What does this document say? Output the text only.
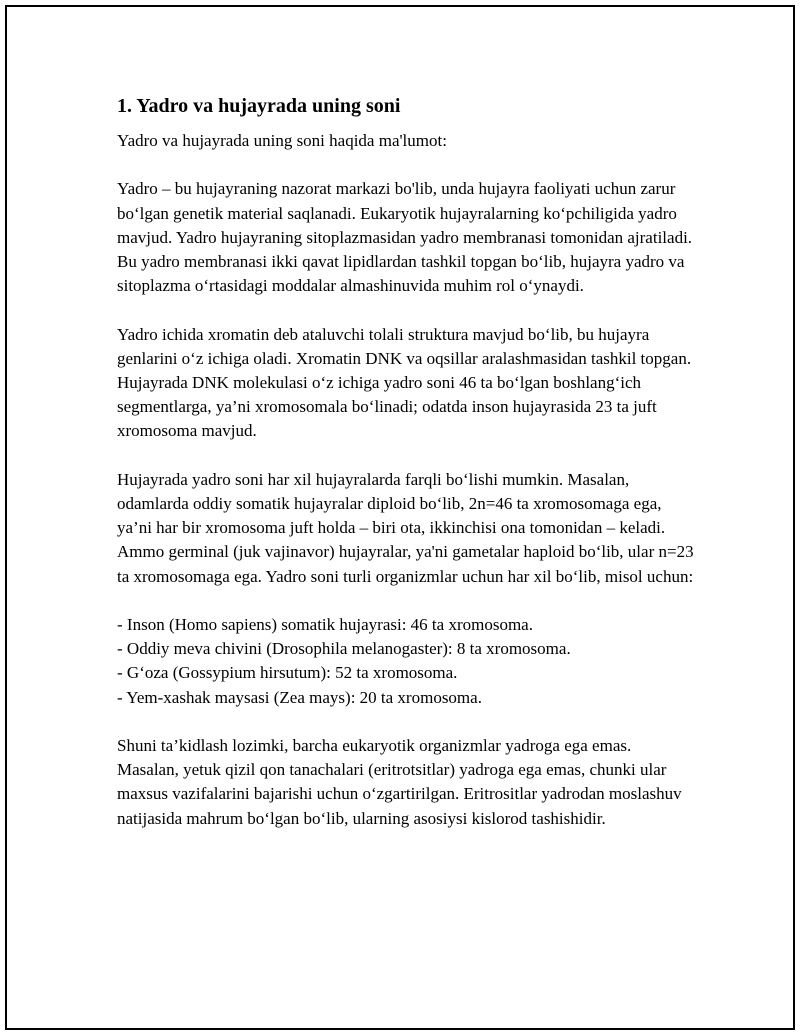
1. Yadro va hujayrada uning soni

Yadro va hujayrada uning soni haqida ma'lumot:

Yadro – bu hujayraning nazorat markazi bo'lib, unda hujayra faoliyati uchun zarur bo‘lgan genetik material saqlanadi. Eukaryotik hujayralarning ko‘pchiligida yadro mavjud. Yadro hujayraning sitoplazmasidan yadro membranasi tomonidan ajratiladi. Bu yadro membranasi ikki qavat lipidlardan tashkil topgan bo‘lib, hujayra yadro va sitoplazma o‘rtasidagi moddalar almashinuvida muhim rol o‘ynaydi.

Yadro ichida xromatin deb ataluvchi tolali struktura mavjud bo‘lib, bu hujayra genlarini o‘z ichiga oladi. Xromatin DNK va oqsillar aralashmasidan tashkil topgan. Hujayrada DNK molekulasi o‘z ichiga yadro soni 46 ta bo‘lgan boshlang‘ich segmentlarga, ya’ni xromosomala bo‘linadi; odatda inson hujayrasida 23 ta juft xromosoma mavjud.

Hujayrada yadro soni har xil hujayralarda farqli bo‘lishi mumkin. Masalan, odamlarda oddiy somatik hujayralar diploid bo‘lib, 2n=46 ta xromosomaga ega, ya’ni har bir xromosoma juft holda – biri ota, ikkinchisi ona tomonidan – keladi. Ammo germinal (juk vajinavor) hujayralar, ya'ni gametalar haploid bo‘lib, ular n=23 ta xromosomaga ega. Yadro soni turli organizmlar uchun har xil bo‘lib, misol uchun:

- Inson (Homo sapiens) somatik hujayrasi: 46 ta xromosoma.
- Oddiy meva chivini (Drosophila melanogaster): 8 ta xromosoma.
- G‘oza (Gossypium hirsutum): 52 ta xromosoma.
- Yem-xashak maysasi (Zea mays): 20 ta xromosoma.

Shuni ta’kidlash lozimki, barcha eukaryotik organizmlar yadroga ega emas. Masalan, yetuk qizil qon tanachalari (eritrotsitlar) yadroga ega emas, chunki ular maxsus vazifalarini bajarishi uchun o‘zgartirilgan. Eritrositlar yadrodan moslashuv natijasida mahrum bo‘lgan bo‘lib, ularning asosiysi kislorod tashishidir.
